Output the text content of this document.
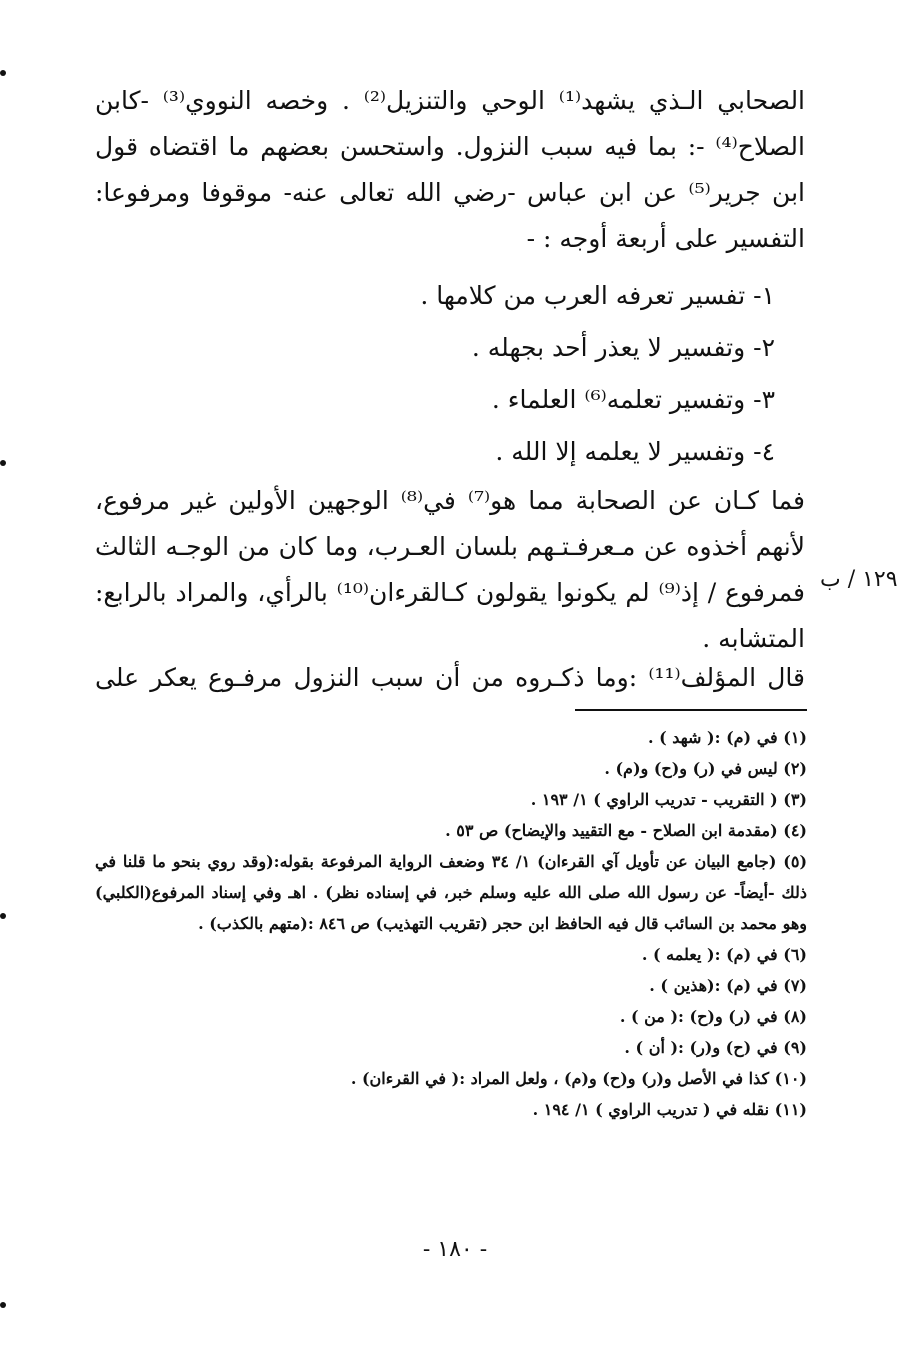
الصحابي الـذي يشهد⁽¹⁾ الوحي والتنزيل⁽²⁾ . وخصه النووي⁽³⁾ -كابن الصلاح⁽⁴⁾ -: بما فيه سبب النزول. واستحسن بعضهم ما اقتضاه قول ابن جرير⁽⁵⁾ عن ابن عباس -رضي الله تعالى عنه- موقوفا ومرفوعا: التفسير على أربعة أوجه : -

١- تفسير تعرفه العرب من كلامها .
٢- وتفسير لا يعذر أحد بجهله .
٣- وتفسير تعلمه⁽⁶⁾ العلماء .
٤- وتفسير لا يعلمه إلا الله .

فما كـان عن الصحابة مما هو⁽⁷⁾ في⁽⁸⁾ الوجهين الأولين غير مرفوع، لأنهم أخذوه عن مـعرفـتـهم بلسان العـرب، وما كان من الوجـه الثالث فمرفوع / إذ⁽⁹⁾ لم يكونوا يقولون كـالقرءان⁽¹⁰⁾ بالرأي، والمراد بالرابع: المتشابه .

١٢٩ / ب

قال المؤلف⁽¹¹⁾ :وما ذكـروه من أن سبب النزول مرفـوع يعكر على

(١) في (م) :( شهد ) .
(٢) ليس في (ر) و(ح) و(م) .
(٣) ( التقريب - تدريب الراوي ) ١/ ١٩٣ .
(٤) (مقدمة ابن الصلاح - مع التقييد والإيضاح) ص ٥٣ .
(٥) (جامع البيان عن تأويل آي القرءان) ١/ ٣٤ وضعف الرواية المرفوعة بقوله:(وقد روي بنحو ما قلنا في ذلك -أيضاً- عن رسول الله صلى الله عليه وسلم خبر، في إسناده نظر) . اهـ وفي إسناد المرفوع(الكلبي) وهو محمد بن السائب قال فيه الحافظ ابن حجر (تقريب التهذيب) ص ٨٤٦ :(متهم بالكذب) .
(٦) في (م) :( يعلمه ) .
(٧) في (م) :(هذين ) .
(٨) في (ر) و(ح) :( من ) .
(٩) في (ح) و(ر) :( أن ) .
(١٠) كذا في الأصل و(ر) و(ح) و(م) ، ولعل المراد :( في القرءان) .
(١١) نقله في ( تدريب الراوي ) ١/ ١٩٤ .
- ١٨٠ -
